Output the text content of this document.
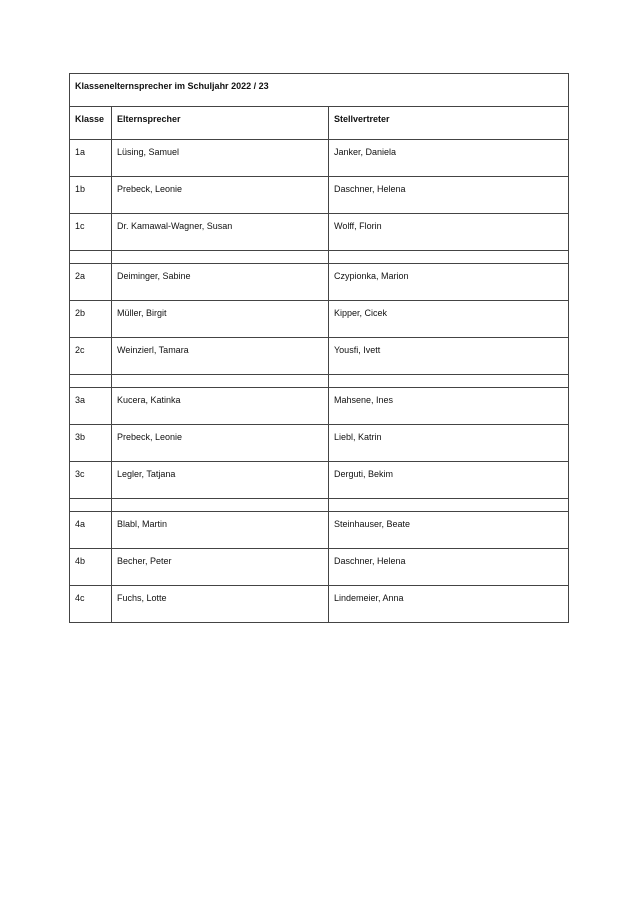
Klassenelternsprecher im Schuljahr 2022 / 23		
Klasse	Elternsprecher	Stellvertreter
1a	Lüsing, Samuel	Janker, Daniela
1b	Prebeck, Leonie	Daschner, Helena
1c	Dr. Kamawal-Wagner, Susan	Wolff, Florin

2a	Deiminger, Sabine	Czypionka, Marion
2b	Müller, Birgit	Kipper, Cicek
2c	Weinzierl, Tamara	Yousfi, Ivett

3a	Kucera, Katinka	Mahsene, Ines
3b	Prebeck, Leonie	Liebl, Katrin
3c	Legler, Tatjana	Derguti, Bekim

4a	Blabl, Martin	Steinhauser, Beate
4b	Becher, Peter	Daschner, Helena
4c	Fuchs, Lotte	Lindemeier, Anna
